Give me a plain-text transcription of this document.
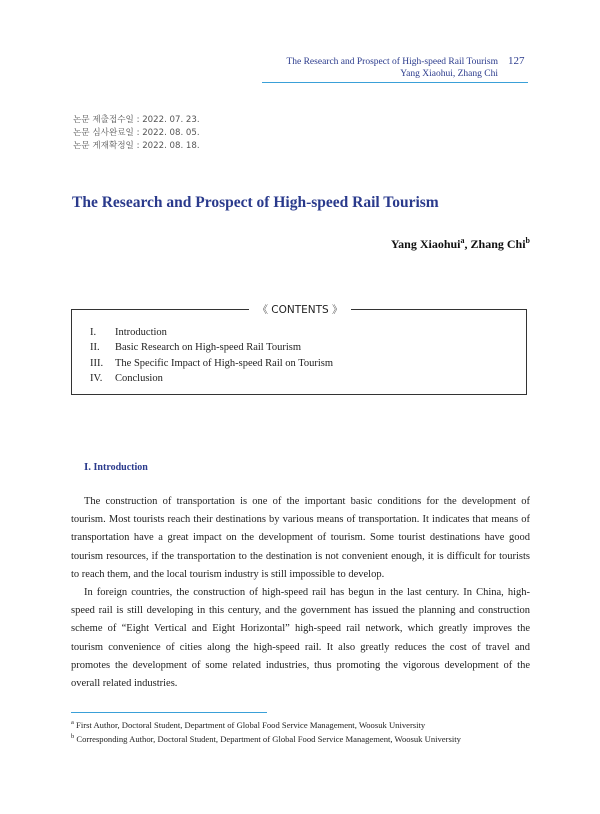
The Research and Prospect of High-speed Rail Tourism
Yang Xiaohui, Zhang Chi
127
논문 제출접수일 : 2022. 07. 23.
논문 심사완료일 : 2022. 08. 05.
논문 게재확정일 : 2022. 08. 18.
The Research and Prospect of High-speed Rail Tourism
Yang Xiaohui$^a$, Zhang Chi$^b$
《 CONTENTS 》
I.	Introduction
II.	Basic Research on High-speed Rail Tourism
III.	The Specific Impact of High-speed Rail on Tourism
IV.	Conclusion
I. Introduction

The construction of transportation is one of the important basic conditions for the development of tourism. Most tourists reach their destinations by various means of transportation. It indicates that means of transportation have a great impact on the development of tourism. Some tourist destinations have good tourism resources, if the transportation to the destination is not convenient enough, it is difficult for tourists to reach them, and the local tourism industry is still impossible to develop.

In foreign countries, the construction of high-speed rail has begun in the last century. In China, high-speed rail is still developing in this century, and the government has issued the planning and construction scheme of “Eight Vertical and Eight Horizontal” high-speed rail network, which greatly improves the tourism convenience of cities along the high-speed rail. It also greatly reduces the cost of travel and promotes the development of some related industries, thus promoting the vigorous development of the overall related industries.

$^a$ First Author, Doctoral Student, Department of Global Food Service Management, Woosuk University
$^b$ Corresponding Author, Doctoral Student, Department of Global Food Service Management, Woosuk University
